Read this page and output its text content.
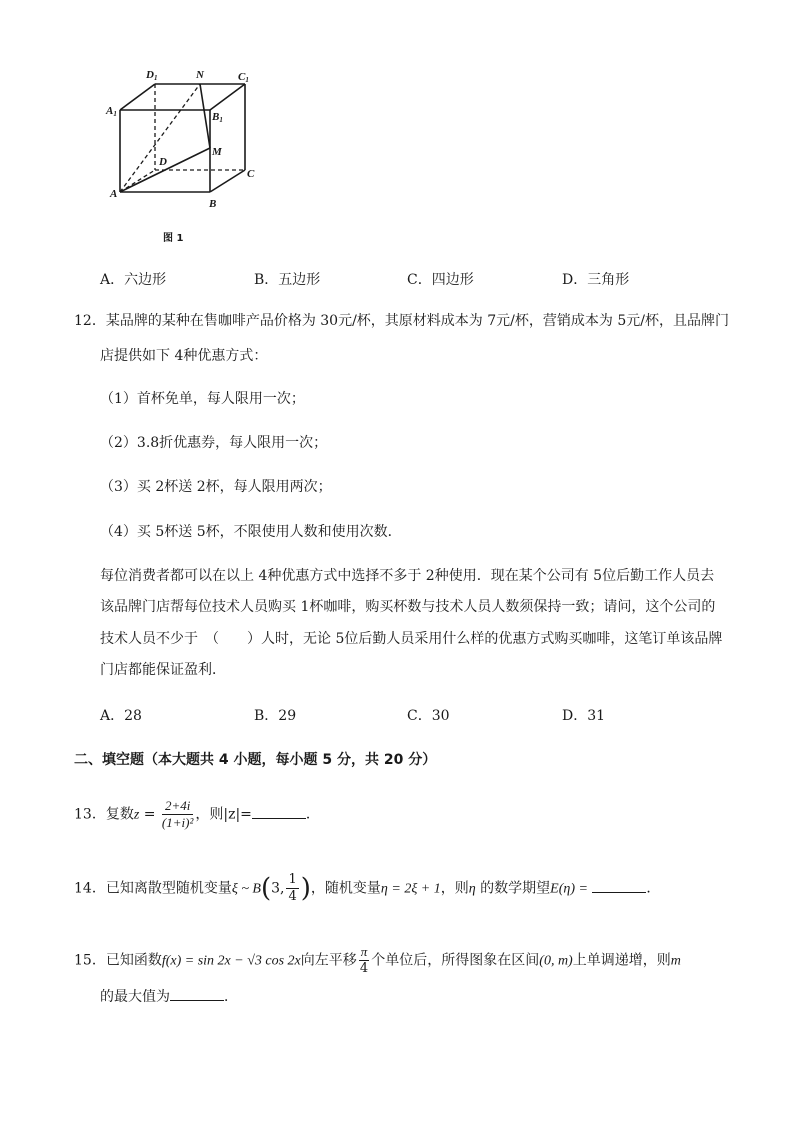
D1	N	C1
A1	B1
D
M
C
A
B
图 1
A．六边形	B．五边形	C．四边形	D．三角形
12．某品牌的某种在售咖啡产品价格为 30元/杯，其原材料成本为 7元/杯，营销成本为 5元/杯，且品牌门
店提供如下 4种优惠方式：
（1）首杯免单，每人限用一次；
（2）3.8折优惠券，每人限用一次；
（3）买 2杯送 2杯，每人限用两次；
（4）买 5杯送 5杯，不限使用人数和使用次数．
每位消费者都可以在以上 4种优惠方式中选择不多于 2种使用．现在某个公司有 5位后勤工作人员去
该品牌门店帮每位技术人员购买 1杯咖啡，购买杯数与技术人员人数须保持一致；请问，这个公司的
技术人员不少于　（　　）人时，无论 5位后勤人员采用什么样的优惠方式购买咖啡，这笔订单该品牌
门店都能保证盈利．
A．28	B．29	C．30	D．31
二、填空题（本大题共 4 小题，每小题 5 分，共 20 分）
13．复数$z = \frac{2+4i}{\text{(1+i)²}}$ ，则|z|=	．
14．已知离散型随机变量ξ ~ B(3, $\frac{1}{4}$ )，随机变量η = 2ξ + 1，则η 的数学期望E(η) =	．
15．已知函数f(x) = sin 2x − √3 cos 2x向左平移 $\frac{\pi}{4}$ 个单位后，所得图象在区间(0, m)上单调递增，则m
的最大值为	．
